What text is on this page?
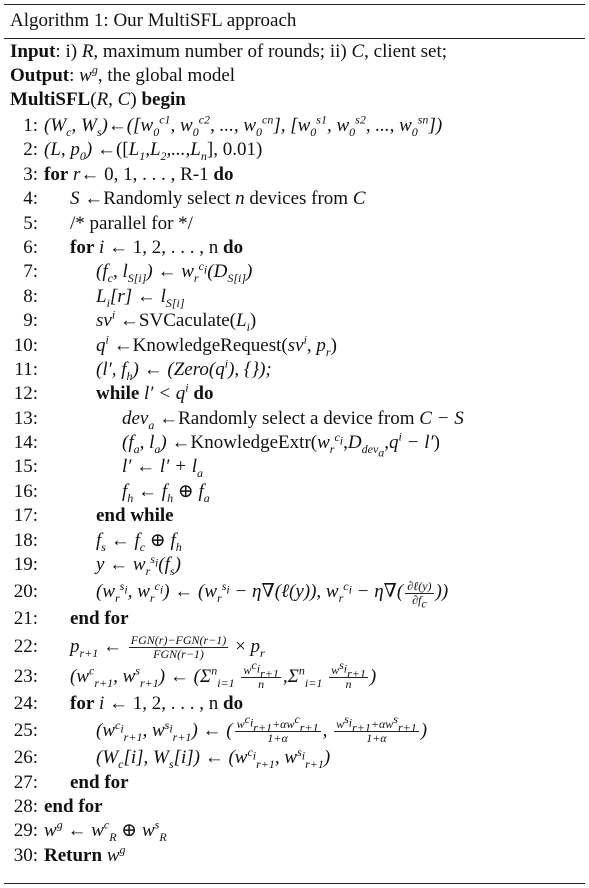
Algorithm 1: Our MultiSFL approach
Input: i) R, maximum number of rounds; ii) C, client set;
Output: $w^g$, the global model
MultiSFL(R, C) begin
1: ($W_c$, $W_s)\leftarrow([w_0^{c1}$, $w_0^{c2}$, ..., $w_0^{cn}$], [$w_0^{s1}$, $w_0^{s2}$, ..., $w_0^{sn}$])
2: (L, $p_0$) $\leftarrow([L_1,L_2,...,L_n]$, 0.01)
3: for r← 0, 1, . . . , R-1 do
4: S ←Randomly select n devices from C
5: /* parallel for */
6: for i ← 1, 2, . . . , n do
7:	($f_c$, $l_{S[i]}$) ← $w_r^{c_i}(D_{S[i]})$
8:	$L_i[r]$ ← $l_{S[i]}$
9:	$sv^i$ $\leftarrow SVCaculate(L_i)$
10:	$q^i$ $\leftarrow KnowledgeRequest(sv^i$, $p_r$)
11:	(l′, $f_h$) ← ($Zero(q^i)$, {});
12:	while $l' < q^i$ do
13:	dev$_a$ ←Randomly select a device from C − S
14:	($f_a$, $l_a$) $\leftarrow KnowledgeExtr(w_r^{c_i},D_{dev_a},q^i - l')$
15:	l′ ← $l' + l_a$
16:	$f_h$ ← $f_h$ ⊕ $f_a$
17:	end while
18:	$f_s$ ← $f_c$ ⊕ $f_h$
19:	y ← $w_r^{s_i}(f_s)$
20:	($w_r^{s_i}$, $w_r^{c_i}$) ← ($w_r^{s_i}$ − η∇(ℓ(y)), $w_r^{c_i} - \eta\nabla( \frac{\text{∂ℓ(y)}}{\partial f_c}$ ))
21: end for
22: $p_{r+1}$ ← $\frac{\text{FGN(r)−FGN(r−1)}}{\text{FGN(r−1)}} \times p_r$
23: ($w^c_{r+1}$, $w^s_{r+1}$) ← ($\Sigma^n_{i=1} \frac{w^{c_i}_{r+1}}{n} ,\Sigma^n_{i=1} \frac{w^{s_i}_{r+1}}{n}$ )
24: for i ← 1, 2, . . . , n do
25:	($w^{c_i}_{r+1}$, $w^{s_i}_{r+1}$) ← ( $\frac{w^{c_i}_{r+1}+\alpha w^c_{r+1}}{1+\alpha}$ , $\frac{w^{s_i}_{r+1}+\alpha w^s_{r+1}}{1+\alpha}$ )
26:	($W_c[i]$, $W_s[i]$) ← ($w^{c_i}_{r+1}$, $w^{s_i}_{r+1}$)
27: end for
28: end for
29: $w^g$ ← $w^c_R$ ⊕ $w^s_R$
30: Return $w^g$
